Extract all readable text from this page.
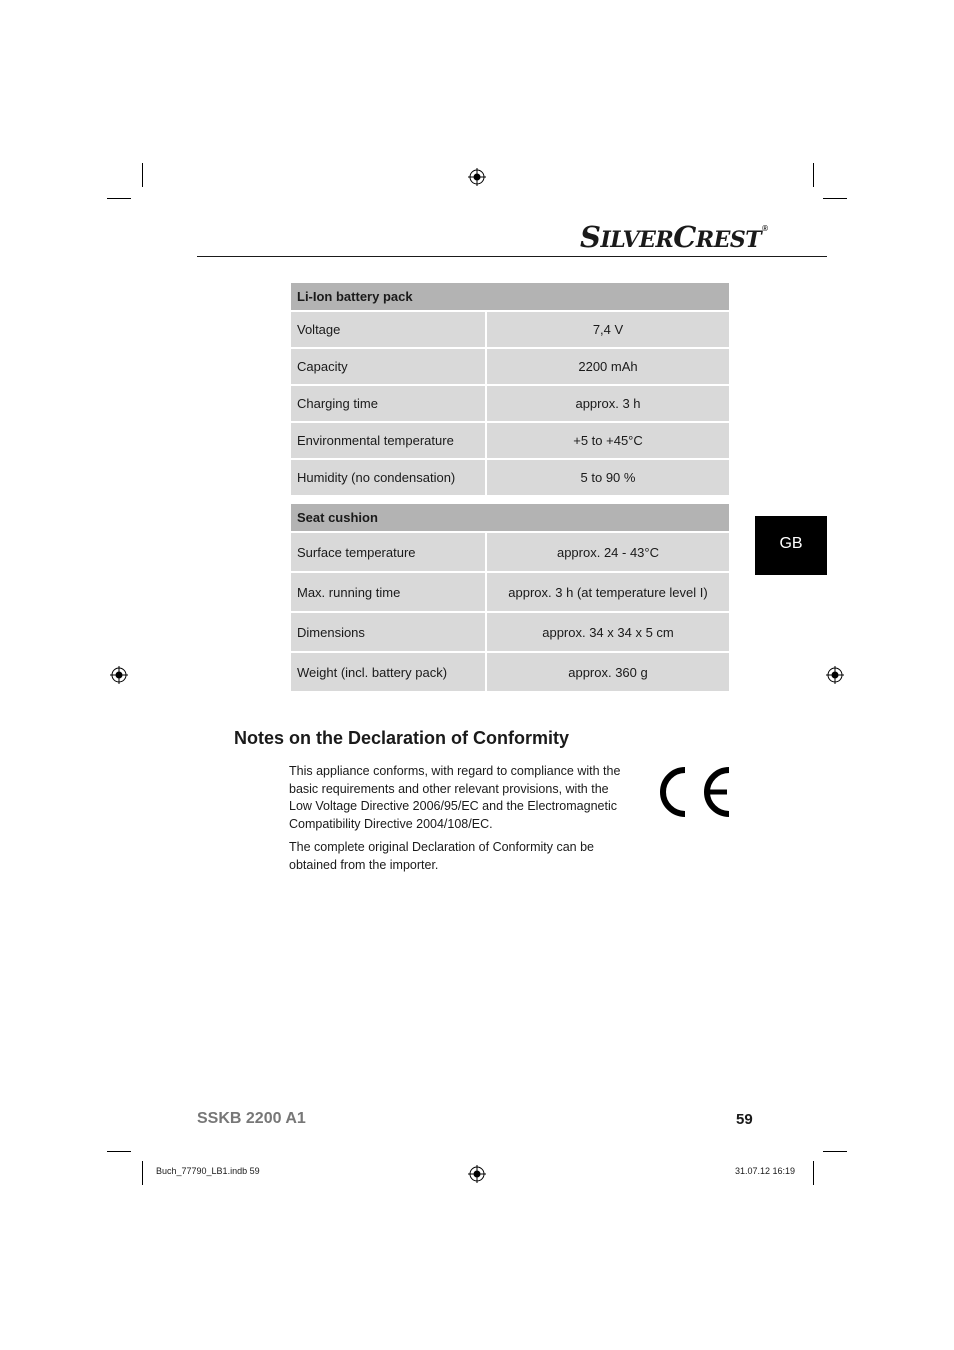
SILVERCREST®
GB
Li-Ion battery pack	
Voltage	7,4 V
Capacity	2200 mAh
Charging time	approx. 3 h
Environmental temperature	+5 to +45°C
Humidity (no condensation)	5 to 90 %
Seat cushion	
Surface temperature	approx. 24 - 43°C
Max. running time	approx. 3 h (at temperature level I)
Dimensions	approx. 34 x 34 x 5 cm
Weight (incl. battery pack)	approx. 360 g
Notes on the Declaration of Conformity

This appliance conforms, with regard to compliance with the
basic requirements and other relevant provisions, with the
Low Voltage Directive 2006/95/EC and the Electromagnetic
Compatibility Directive 2004/108/EC.

The complete original Declaration of Conformity can be
obtained from the importer.

SSKB 2200 A1	59
Buch_77790_LB1.indb 59	31.07.12 16:19
